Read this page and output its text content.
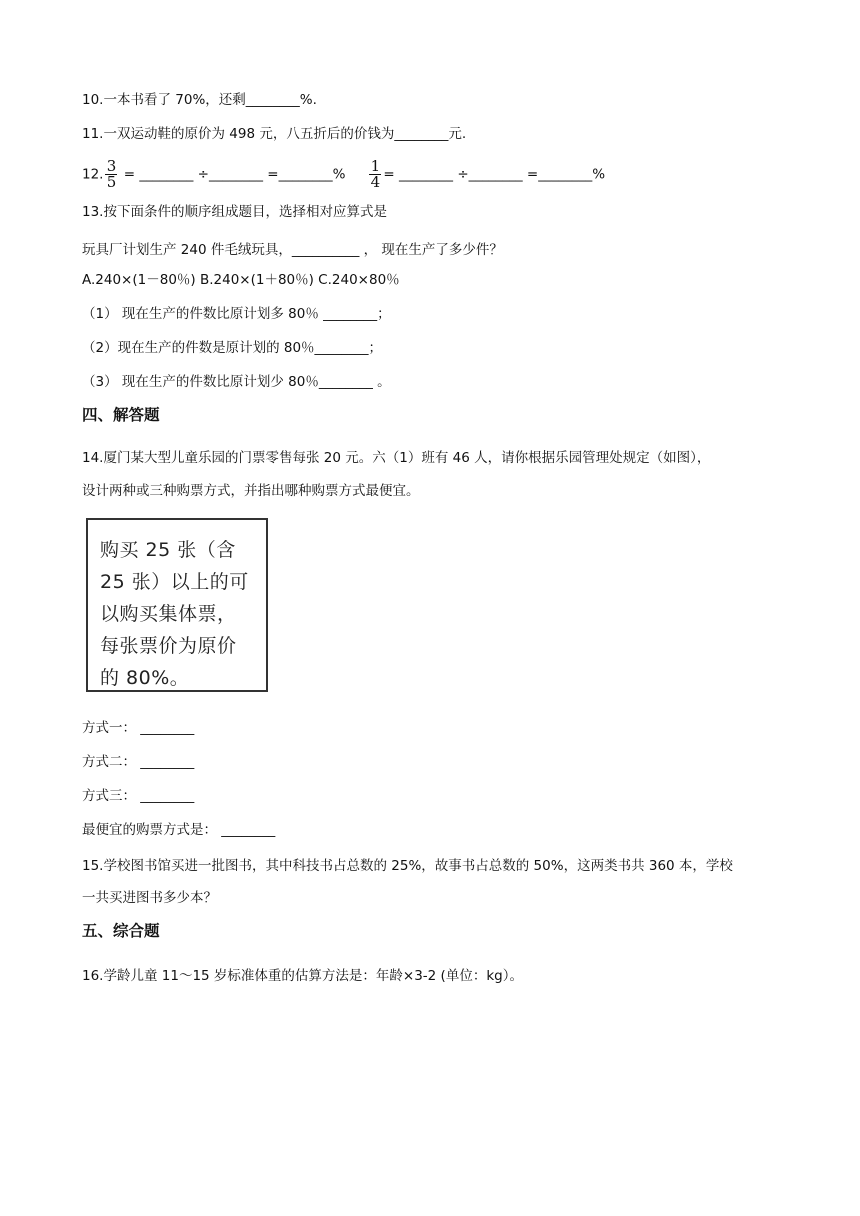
10.一本书看了 70%，还剩________%.
11.一双运动鞋的原价为 498 元，八五折后的价钱为________元.
12. $\frac{3}{5}$ = ________ ÷________ =________% $\frac{1}{4}$ = ________ ÷________ =________%
13.按下面条件的顺序组成题目，选择相对应算式是
玩具厂计划生产 240 件毛绒玩具，__________ ， 现在生产了多少件？
A.240×(1－80％) B.240×(1＋80％) C.240×80％
（1） 现在生产的件数比原计划多 80％ ________；
（2）现在生产的件数是原计划的 80％________；
（3） 现在生产的件数比原计划少 80％________ 。
四、解答题
14.厦门某大型儿童乐园的门票零售每张 20 元。六（1）班有 46 人，请你根据乐园管理处规定（如图），
设计两种或三种购票方式，并指出哪种购票方式最便宜。
购买 25 张（含
25 张）以上的可
以购买集体票，
每张票价为原价
的 80%。
方式一： ________
方式二： ________
方式三： ________
最便宜的购票方式是： ________
15.学校图书馆买进一批图书，其中科技书占总数的 25%，故事书占总数的 50%，这两类书共 360 本，学校
一共买进图书多少本？
五、综合题
16.学龄儿童 11～15 岁标准体重的估算方法是：年龄×3-2 (单位：kg）。
